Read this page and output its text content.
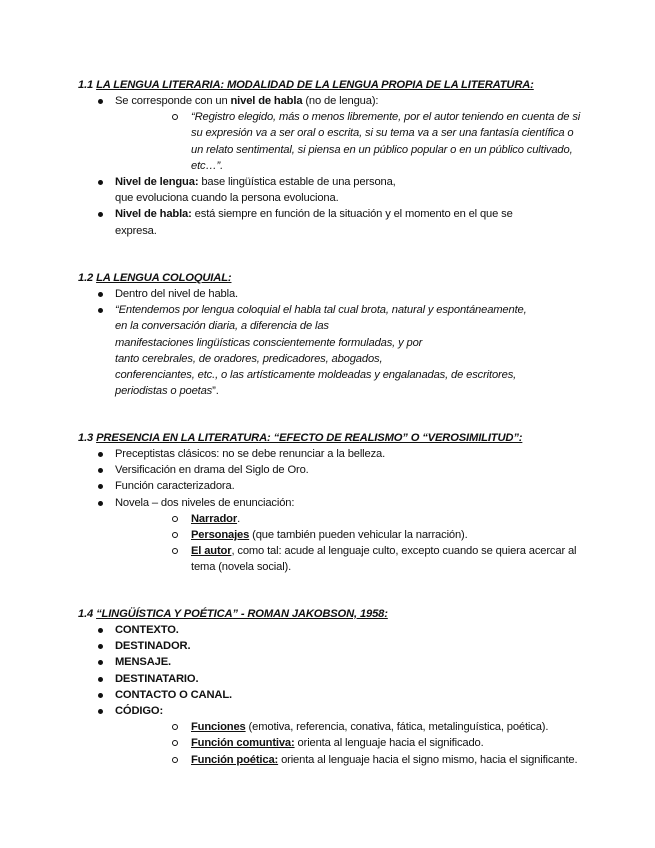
1.1 LA LENGUA LITERARIA: MODALIDAD DE LA LENGUA PROPIA DE LA LITERATURA:

Se corresponde con un nivel de habla (no de lengua):
“Registro elegido, más o menos libremente, por el autor teniendo en cuenta de si
su expresión va a ser oral o escrita, si su tema va a ser una fantasía científica o
un relato sentimental, si piensa en un público popular o en un público cultivado,
etc…”.
Nivel de lengua: base lingüística estable de una persona,
que evoluciona cuando la persona evoluciona.
Nivel de habla: está siempre en función de la situación y el momento en el que se
expresa.

1.2 LA LENGUA COLOQUIAL:

Dentro del nivel de habla.
“Entendemos por lengua coloquial el habla tal cual brota, natural y espontáneamente,
en la conversación diaria, a diferencia de las
manifestaciones lingüísticas conscientemente formuladas, y por
tanto cerebrales, de oradores, predicadores, abogados,
conferenciantes, etc., o las artísticamente moldeadas y engalanadas, de escritores,
periodistas o poetas”.

1.3 PRESENCIA EN LA LITERATURA: “EFECTO DE REALISMO” O “VEROSIMILITUD”:

Preceptistas clásicos: no se debe renunciar a la belleza.
Versificación en drama del Siglo de Oro.
Función caracterizadora.
Novela – dos niveles de enunciación:
Narrador.
Personajes (que también pueden vehicular la narración).
El autor, como tal: acude al lenguaje culto, excepto cuando se quiera acercar al
tema (novela social).

1.4 “LINGÜÍSTICA Y POÉTICA” - ROMAN JAKOBSON, 1958:

CONTEXTO.
DESTINADOR.
MENSAJE.
DESTINATARIO.
CONTACTO O CANAL.
CÓDIGO:
Funciones (emotiva, referencia, conativa, fática, metalinguística, poética).
Función comuntiva: orienta al lenguaje hacia el significado.
Función poética: orienta al lenguaje hacia el signo mismo, hacia el significante.
